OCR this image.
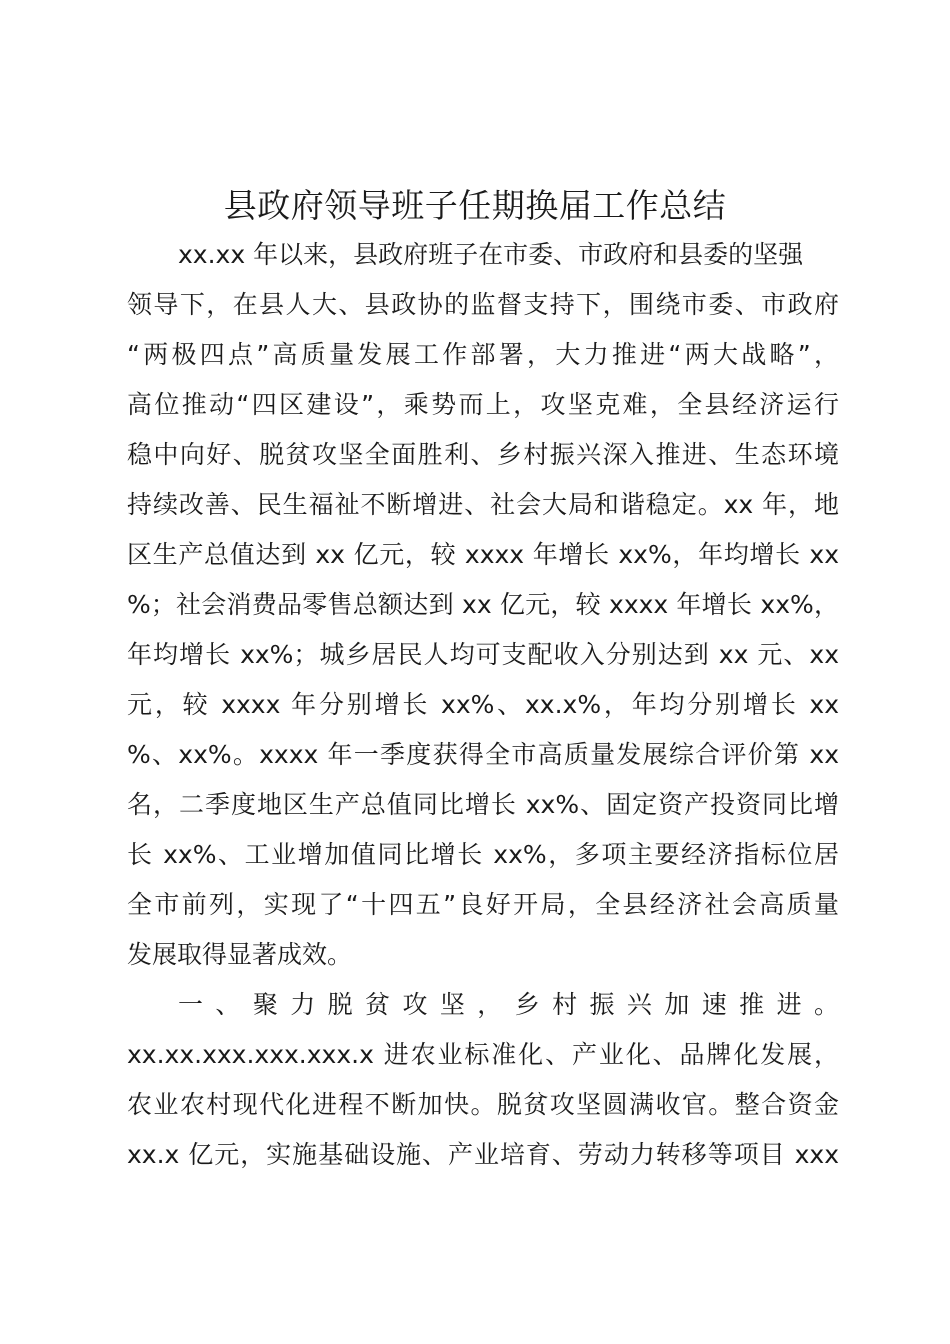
县政府领导班子任期换届工作总结
xx.xx 年以来，县政府班子在市委、市政府和县委的坚强
领导下，在县人大、县政协的监督支持下，围绕市委、市政府
“两极四点”高质量发展工作部署，大力推进“两大战略”，
高位推动“四区建设”，乘势而上，攻坚克难，全县经济运行
稳中向好、脱贫攻坚全面胜利、乡村振兴深入推进、生态环境
持续改善、民生福祉不断增进、社会大局和谐稳定。xx 年，地
区生产总值达到 xx 亿元，较 xxxx 年增长 xx%，年均增长 xx
%；社会消费品零售总额达到 xx 亿元，较 xxxx 年增长 xx%，
年均增长 xx%；城乡居民人均可支配收入分别达到 xx 元、xx
元，较 xxxx 年分别增长 xx%、xx.x%，年均分别增长 xx
%、xx%。xxxx 年一季度获得全市高质量发展综合评价第 xx
名，二季度地区生产总值同比增长 xx%、固定资产投资同比增
长 xx%、工业增加值同比增长 xx%，多项主要经济指标位居
全市前列，实现了“十四五”良好开局，全县经济社会高质量
发展取得显著成效。
一、聚力脱贫攻坚，乡村振兴加速推进。
xx.xx.xxx.xxx.xxx.x 进农业标准化、产业化、品牌化发展，
农业农村现代化进程不断加快。脱贫攻坚圆满收官。整合资金
xx.x 亿元，实施基础设施、产业培育、劳动力转移等项目 xxx
